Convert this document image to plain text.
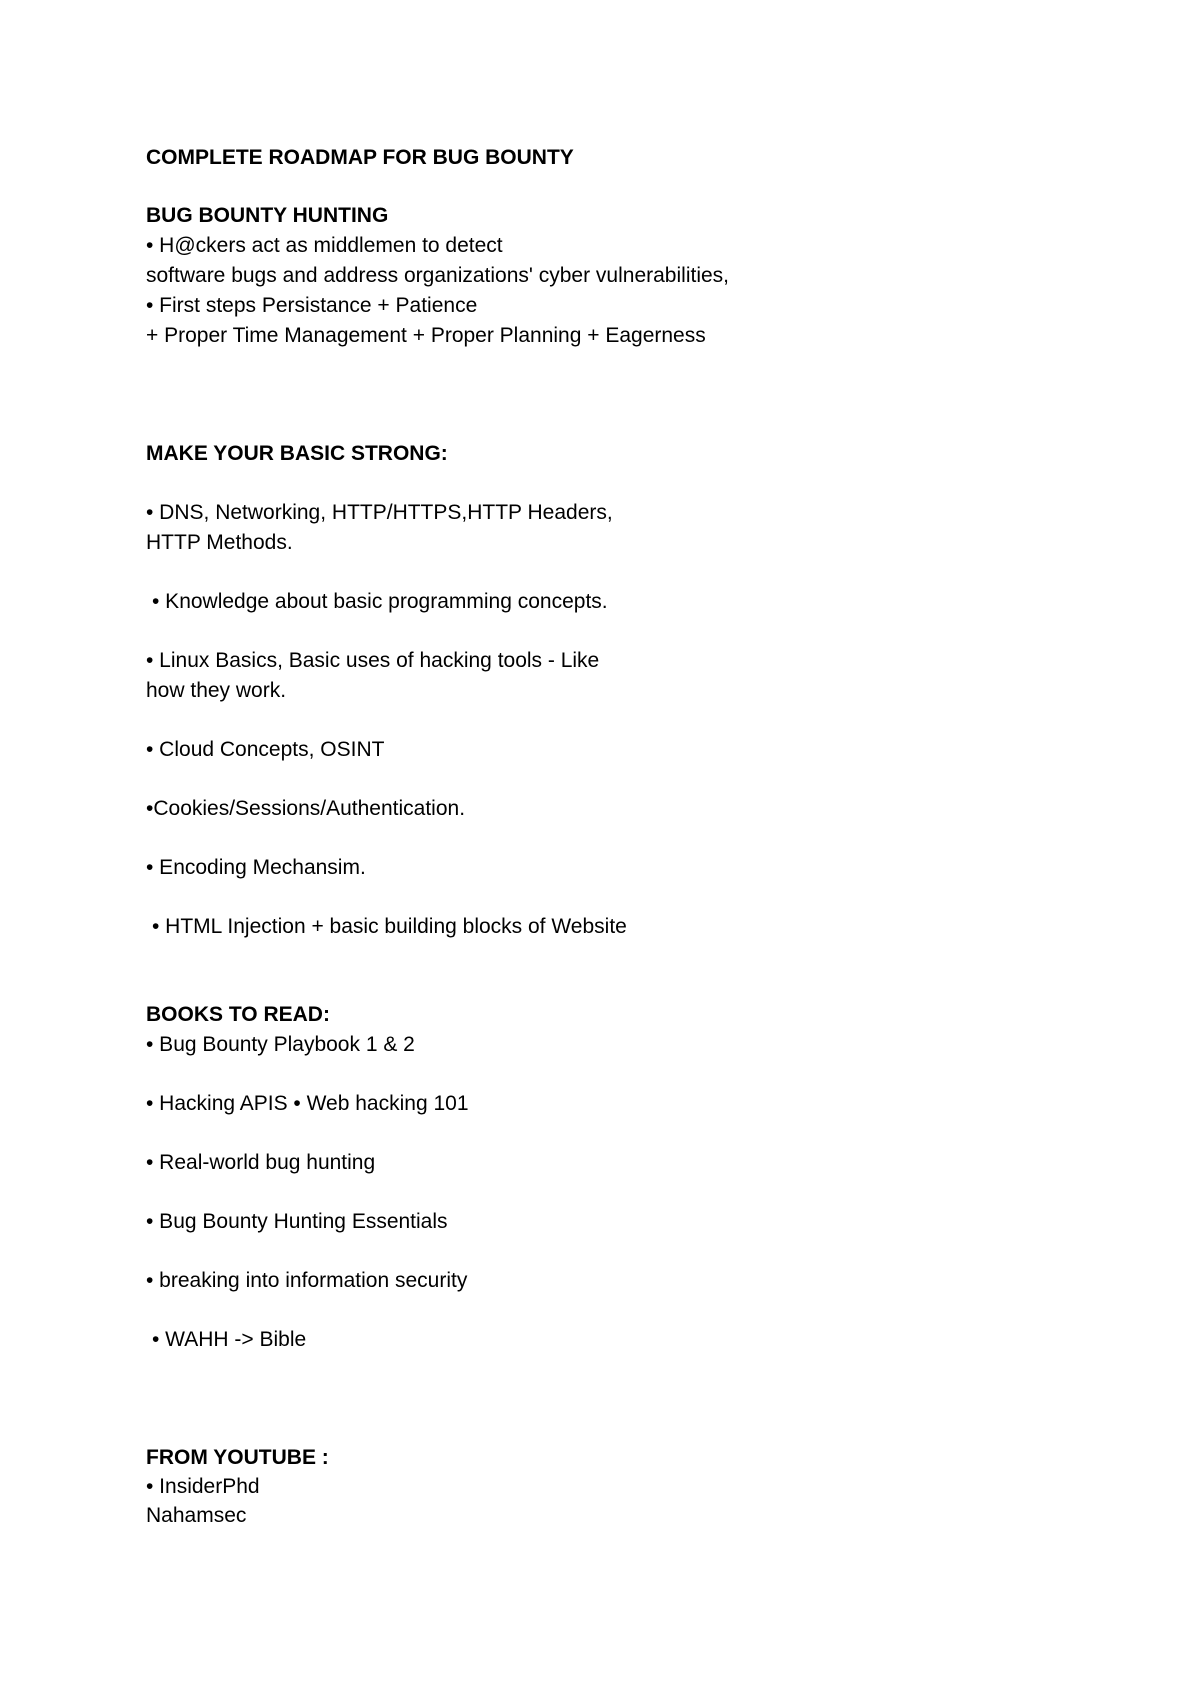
COMPLETE ROADMAP FOR BUG BOUNTY
BUG BOUNTY HUNTING
• H@ckers act as middlemen to detect
software bugs and address organizations' cyber vulnerabilities,
• First steps Persistance + Patience
+ Proper Time Management + Proper Planning + Eagerness
MAKE YOUR BASIC STRONG:
• DNS, Networking, HTTP/HTTPS,HTTP Headers,
HTTP Methods.
• Knowledge about basic programming concepts.
• Linux Basics, Basic uses of hacking tools - Like
how they work.
• Cloud Concepts, OSINT
•Cookies/Sessions/Authentication.
• Encoding Mechansim.
• HTML Injection + basic building blocks of Website
BOOKS TO READ:
• Bug Bounty Playbook 1 & 2
• Hacking APIS • Web hacking 101
• Real-world bug hunting
• Bug Bounty Hunting Essentials
• breaking into information security
• WAHH -> Bible
FROM YOUTUBE :
• InsiderPhd
Nahamsec
